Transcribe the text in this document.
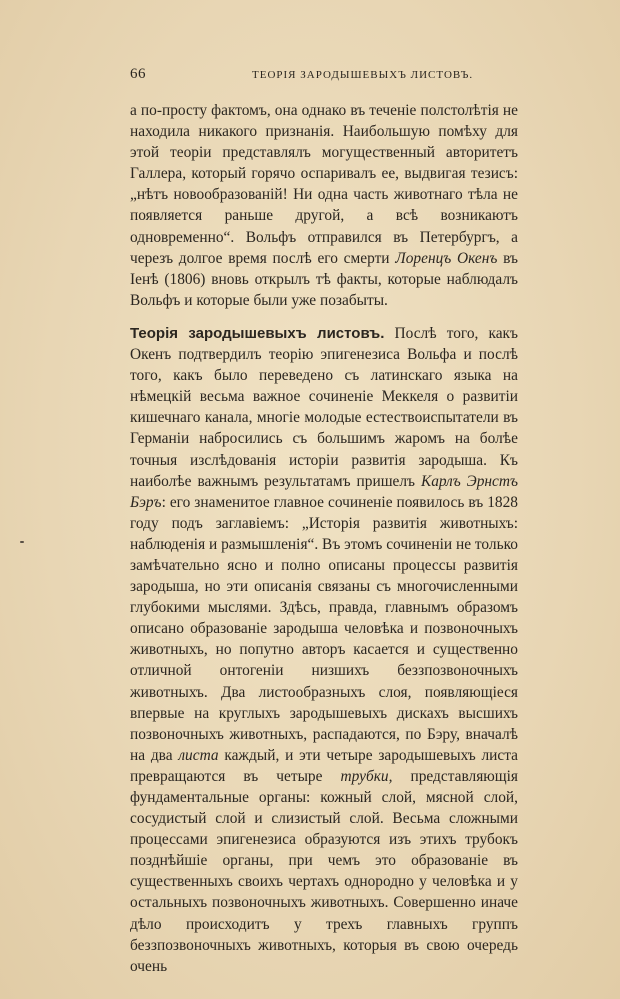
66	ТЕОРІЯ ЗАРОДЫШЕВЫХЪ ЛИСТОВЪ.

а по-просту фактомъ, она однако въ теченіе полстолѣтія не находила никакого признанія. Наибольшую помѣху для этой теоріи представлялъ могущественный авторитетъ Галлера, который горячо оспаривалъ ее, выдвигая тезисъ: „нѣтъ новообразованій! Ни одна часть животнаго тѣла не появляется раньше другой, а всѣ возникаютъ одновременно“. Вольфъ отправился въ Петербургъ, а черезъ долгое время послѣ его смерти Лоренцъ Окенъ въ Іенѣ (1806) вновь открылъ тѣ факты, которые наблюдалъ Вольфъ и которые были уже позабыты.

Теорія зародышевыхъ листовъ. Послѣ того, какъ Окенъ подтвердилъ теорію эпигенезиса Вольфа и послѣ того, какъ было переведено съ латинскаго языка на нѣмецкій весьма важное сочиненіе Меккеля о развитіи кишечнаго канала, многіе молодые естествоиспытатели въ Германіи набросились съ большимъ жаромъ на болѣе точныя изслѣдованія исторіи развитія зародыша. Къ наиболѣе важнымъ результатамъ пришелъ Карлъ Эрнстъ Бэръ: его знаменитое главное сочиненіе появилось въ 1828 году подъ заглавіемъ: „Исторія развитія животныхъ: наблюденія и размышленія“. Въ этомъ сочиненіи не только замѣчательно ясно и полно описаны процессы развитія зародыша, но эти описанія связаны съ многочисленными глубокими мыслями. Здѣсь, правда, главнымъ образомъ описано образованіе зародыша человѣка и позвоночныхъ животныхъ, но попутно авторъ касается и существенно отличной онтогеніи низшихъ беззпозвоночныхъ животныхъ. Два листообразныхъ слоя, появляющіеся впервые на круглыхъ зародышевыхъ дискахъ высшихъ позвоночныхъ животныхъ, распадаются, по Бэру, вначалѣ на два листа каждый, и эти четыре зародышевыхъ листа превращаются въ четыре трубки, представляющія фундаментальные органы: кожный слой, мясной слой, сосудистый слой и слизистый слой. Весьма сложными процессами эпигенезиса образуются изъ этихъ трубокъ позднѣйшіе органы, при чемъ это образованіе въ существенныхъ своихъ чертахъ однородно у человѣка и у остальныхъ позвоночныхъ животныхъ. Совершенно иначе дѣло происходитъ у трехъ главныхъ группъ беззпозвоночныхъ животныхъ, которыя въ свою очередь очень
